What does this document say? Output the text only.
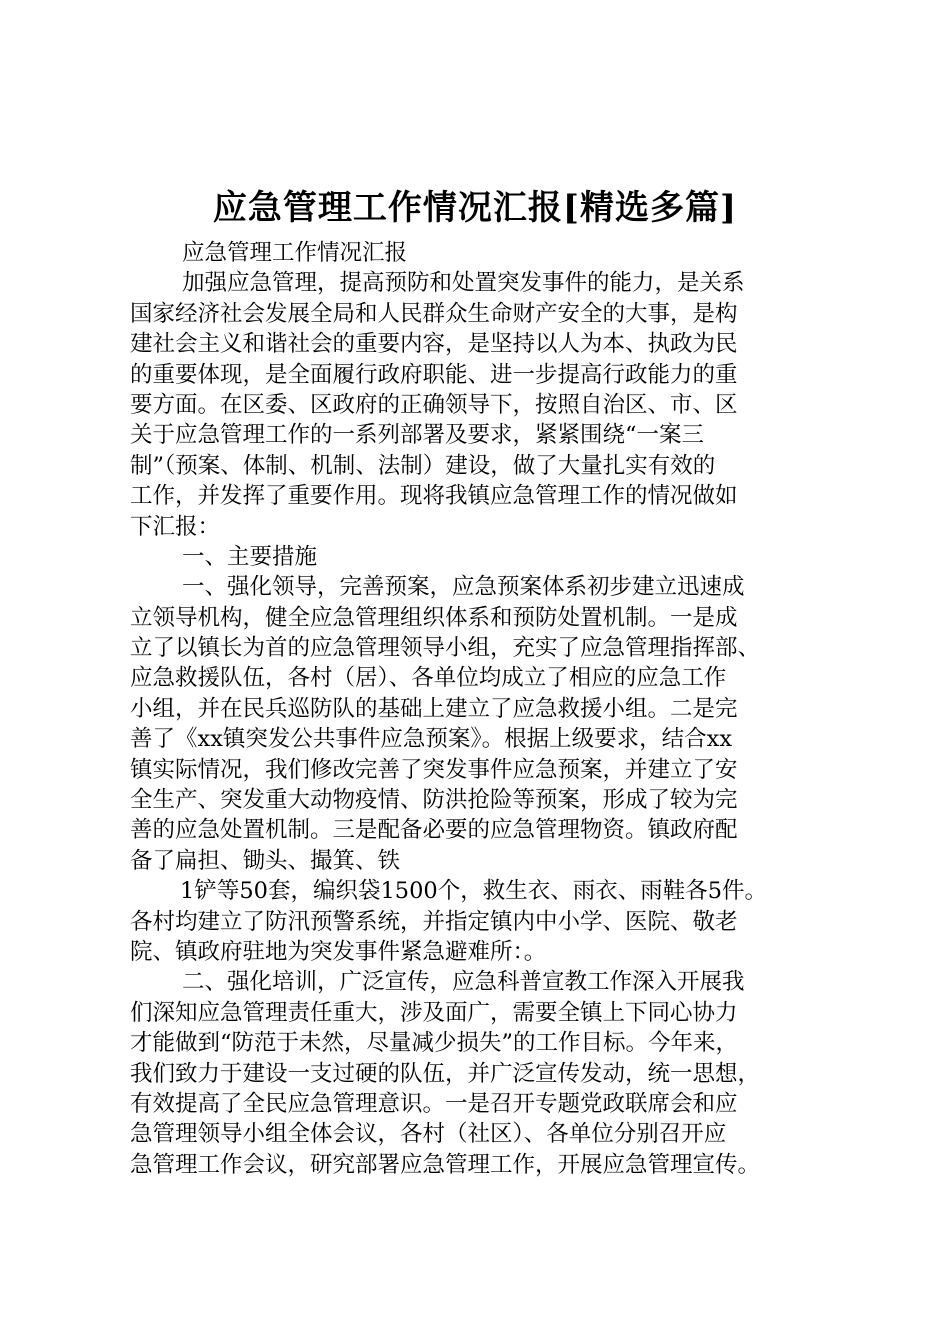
应急管理工作情况汇报[精选多篇]
应急管理工作情况汇报
加强应急管理，提高预防和处置突发事件的能力，是关系
国家经济社会发展全局和人民群众生命财产安全的大事，是构
建社会主义和谐社会的重要内容，是坚持以人为本、执政为民
的重要体现，是全面履行政府职能、进一步提高行政能力的重
要方面。在区委、区政府的正确领导下，按照自治区、市、区
关于应急管理工作的一系列部署及要求，紧紧围绕“一案三
制”（预案、体制、机制、法制）建设，做了大量扎实有效的
工作，并发挥了重要作用。现将我镇应急管理工作的情况做如
下汇报：
一、主要措施
一、强化领导，完善预案，应急预案体系初步建立迅速成
立领导机构，健全应急管理组织体系和预防处置机制。一是成
立了以镇长为首的应急管理领导小组，充实了应急管理指挥部、
应急救援队伍，各村（居）、各单位均成立了相应的应急工作
小组，并在民兵巡防队的基础上建立了应急救援小组。二是完
善了《xx镇突发公共事件应急预案》。根据上级要求，结合xx
镇实际情况，我们修改完善了突发事件应急预案，并建立了安
全生产、突发重大动物疫情、防洪抢险等预案，形成了较为完
善的应急处置机制。三是配备必要的应急管理物资。镇政府配
备了扁担、锄头、撮箕、铁
1铲等50套，编织袋1500个，救生衣、雨衣、雨鞋各5件。
各村均建立了防汛预警系统，并指定镇内中小学、医院、敬老
院、镇政府驻地为突发事件紧急避难所：。
二、强化培训，广泛宣传，应急科普宣教工作深入开展我
们深知应急管理责任重大，涉及面广，需要全镇上下同心协力
才能做到“防范于未然，尽量减少损失”的工作目标。今年来，
我们致力于建设一支过硬的队伍，并广泛宣传发动，统一思想，
有效提高了全民应急管理意识。一是召开专题党政联席会和应
急管理领导小组全体会议，各村（社区）、各单位分别召开应
急管理工作会议，研究部署应急管理工作，开展应急管理宣传。
